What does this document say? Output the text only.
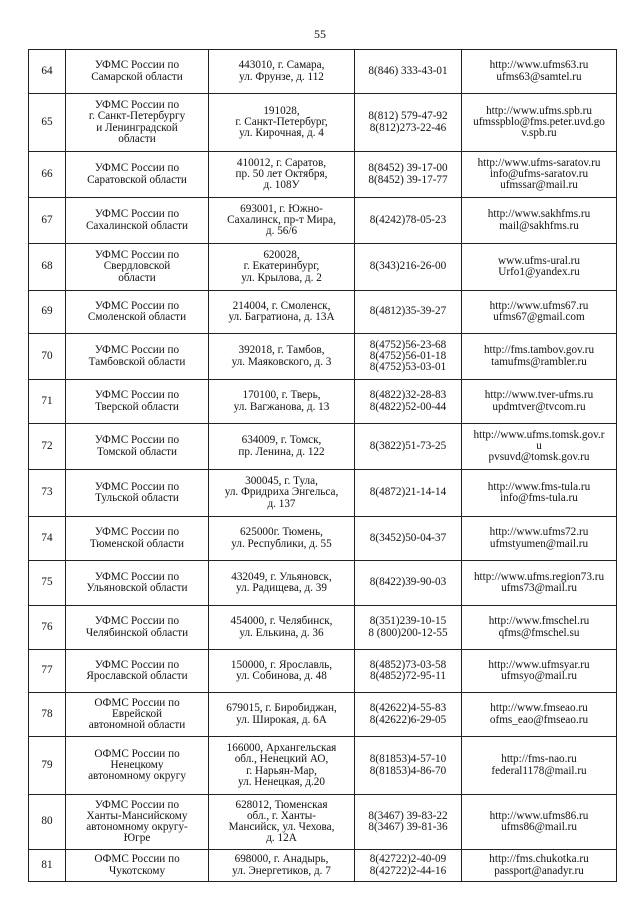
55
64	УФМС России по
Самарской области	443010, г. Самара,
ул. Фрунзе, д. 112	8(846) 333-43-01	http://www.ufms63.ru
ufms63@samtel.ru

65	УФМС России по
г. Санкт-Петербургу
и Ленинградской
области	191028,
г. Санкт-Петербург,
ул. Кирочная, д. 4	8(812) 579-47-92
8(812)273-22-46	http://www.ufms.spb.ru
ufmsspblo@fms.peter.uvd.go
v.spb.ru

66	УФМС России по
Саратовской области	410012, г. Саратов,
пр. 50 лет Октября,
д. 108У	8(8452) 39-17-00
8(8452) 39-17-77	http://www.ufms-saratov.ru
info@ufms-saratov.ru
ufmssar@mail.ru

67	УФМС России по
Сахалинской области	693001, г. Южно-
Сахалинск, пр-т Мира,
д. 56/6	8(4242)78-05-23	http://www.sakhfms.ru
mail@sakhfms.ru

68	УФМС России по
Свердловской
области	620028,
г. Екатеринбург,
ул. Крылова, д. 2	8(343)216-26-00	www.ufms-ural.ru
Urfo1@yandex.ru

69	УФМС России по
Смоленской области	214004, г. Смоленск,
ул. Багратиона, д. 13А	8(4812)35-39-27	http://www.ufms67.ru
ufms67@gmail.com

70	УФМС России по
Тамбовской области	392018, г. Тамбов,
ул. Маяковского, д. 3	8(4752)56-23-68
8(4752)56-01-18
8(4752)53-03-01	http://fms.tambov.gov.ru
tamufms@rambler.ru

71	УФМС России по
Тверской области	170100, г. Тверь,
ул. Вагжанова, д. 13	8(4822)32-28-83
8(4822)52-00-44	http://www.tver-ufms.ru
updmtver@tvcom.ru

72	УФМС России по
Томской области	634009, г. Томск,
пр. Ленина, д. 122	8(3822)51-73-25	http://www.ufms.tomsk.gov.r
u
pvsuvd@tomsk.gov.ru

73	УФМС России по
Тульской области	300045, г. Тула,
ул. Фридриха Энгельса,
д. 137	8(4872)21-14-14	http://www.fms-tula.ru
info@fms-tula.ru

74	УФМС России по
Тюменской области	625000г. Тюмень,
ул. Республики, д. 55	8(3452)50-04-37	http://www.ufms72.ru
ufmstyumen@mail.ru

75	УФМС России по
Ульяновской области	432049, г. Ульяновск,
ул. Радищева, д. 39	8(8422)39-90-03	http://www.ufms.region73.ru
ufms73@mail.ru

76	УФМС России по
Челябинской области	454000, г. Челябинск,
ул. Елькина, д. 36	8(351)239-10-15
8 (800)200-12-55	http://www.fmschel.ru
qfms@fmschel.su

77	УФМС России по
Ярославской области	150000, г. Ярославль,
ул. Собинова, д. 48	8(4852)73-03-58
8(4852)72-95-11	http://www.ufmsyar.ru
ufmsyo@mail.ru

78	ОФМС России по
Еврейской
автономной области	679015, г. Биробиджан,
ул. Широкая, д. 6А	8(42622)4-55-83
8(42622)6-29-05	http://www.fmseao.ru
ofms_eao@fmseao.ru

79	ОФМС России по
Ненецкому
автономному округу	166000, Архангельская
обл., Ненецкий АО,
г. Нарьян-Мар,
ул. Ненецкая, д.20	8(81853)4-57-10
8(81853)4-86-70	http://fms-nao.ru
federal1178@mail.ru

80	УФМС России по
Ханты-Мансийскому
автономному округу-
Югре	628012, Тюменская
обл., г. Ханты-
Мансийск, ул. Чехова,
д. 12А	8(3467) 39-83-22
8(3467) 39-81-36	http://www.ufms86.ru
ufms86@mail.ru

81	ОФМС России по
Чукотскому	698000, г. Анадырь,
ул. Энергетиков, д. 7	8(42722)2-40-09
8(42722)2-44-16	http://fms.chukotka.ru
passport@anadyr.ru
